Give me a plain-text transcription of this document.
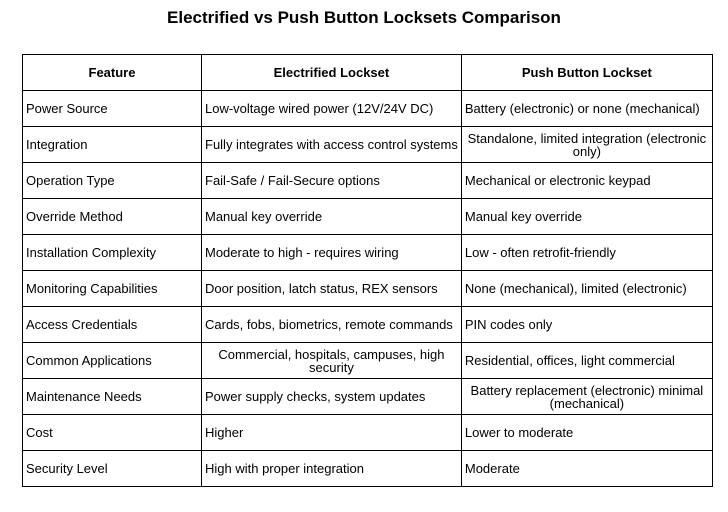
Electrified vs Push Button Locksets Comparison
Feature	Electrified Lockset	Push Button Lockset
Power Source	Low-voltage wired power (12V/24V DC)	Battery (electronic) or none (mechanical)
Integration	Fully integrates with access control systems	Standalone, limited integration (electronic only)
Operation Type	Fail-Safe / Fail-Secure options	Mechanical or electronic keypad
Override Method	Manual key override	Manual key override
Installation Complexity	Moderate to high - requires wiring	Low - often retrofit-friendly
Monitoring Capabilities	Door position, latch status, REX sensors	None (mechanical), limited (electronic)
Access Credentials	Cards, fobs, biometrics, remote commands	PIN codes only
Common Applications	Commercial, hospitals, campuses, high security	Residential, offices, light commercial
Maintenance Needs	Power supply checks, system updates	Battery replacement (electronic) minimal (mechanical)
Cost	Higher	Lower to moderate
Security Level	High with proper integration	Moderate
